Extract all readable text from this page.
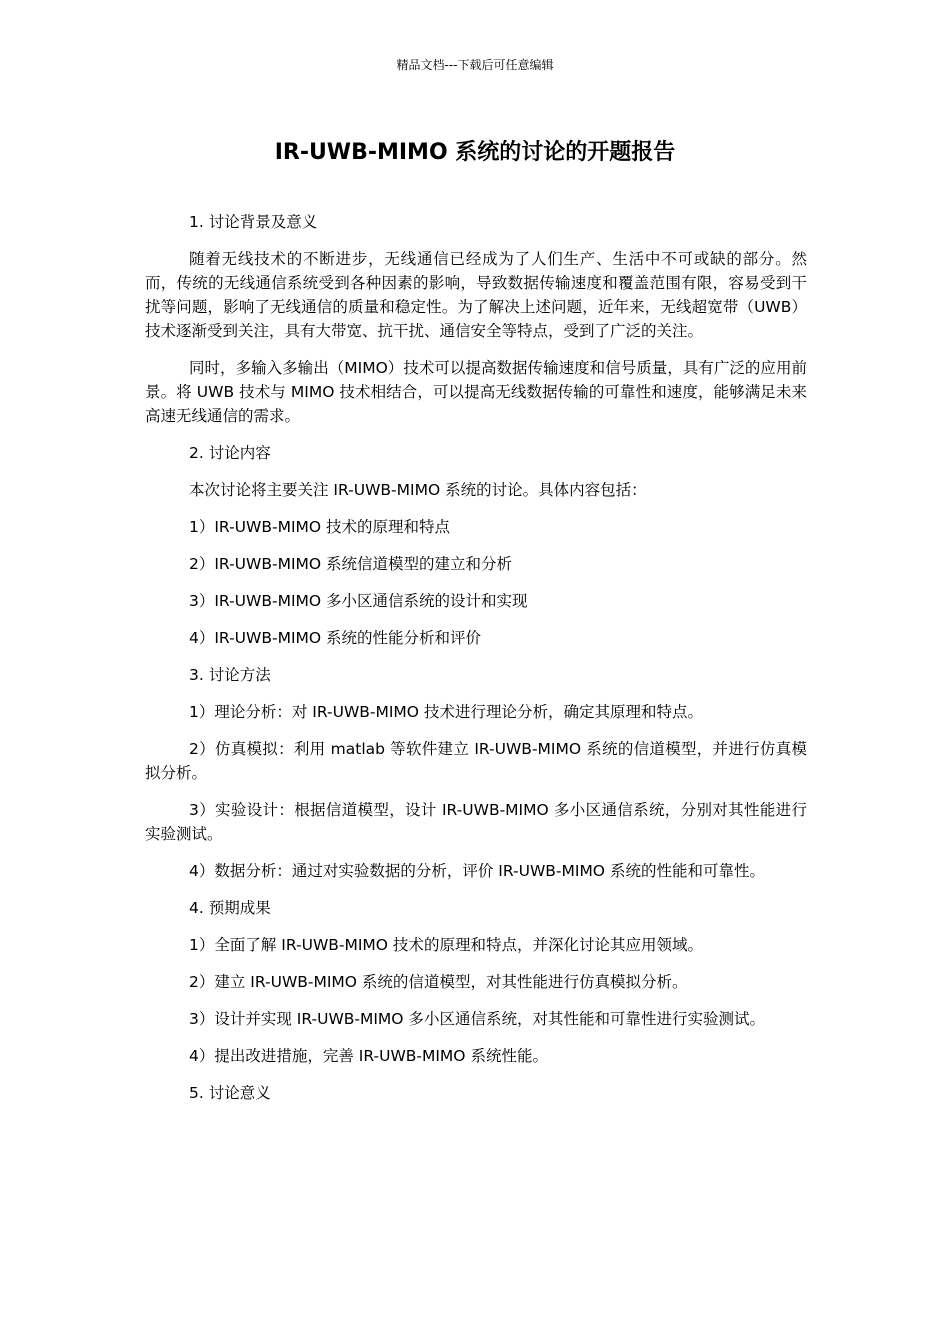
精品文档---下载后可任意编辑
IR-UWB-MIMO 系统的讨论的开题报告

1. 讨论背景及意义

随着无线技术的不断进步，无线通信已经成为了人们生产、生活中不可或缺的部分。然而，传统的无线通信系统受到各种因素的影响，导致数据传输速度和覆盖范围有限，容易受到干扰等问题，影响了无线通信的质量和稳定性。为了解决上述问题，近年来，无线超宽带（UWB）技术逐渐受到关注，具有大带宽、抗干扰、通信安全等特点，受到了广泛的关注。

同时，多输入多输出（MIMO）技术可以提高数据传输速度和信号质量，具有广泛的应用前景。将 UWB 技术与 MIMO 技术相结合，可以提高无线数据传输的可靠性和速度，能够满足未来高速无线通信的需求。

2. 讨论内容

本次讨论将主要关注 IR-UWB-MIMO 系统的讨论。具体内容包括：

1）IR-UWB-MIMO 技术的原理和特点

2）IR-UWB-MIMO 系统信道模型的建立和分析

3）IR-UWB-MIMO 多小区通信系统的设计和实现

4）IR-UWB-MIMO 系统的性能分析和评价

3. 讨论方法

1）理论分析：对 IR-UWB-MIMO 技术进行理论分析，确定其原理和特点。

2）仿真模拟：利用 matlab 等软件建立 IR-UWB-MIMO 系统的信道模型，并进行仿真模拟分析。

3）实验设计：根据信道模型，设计 IR-UWB-MIMO 多小区通信系统，分别对其性能进行实验测试。

4）数据分析：通过对实验数据的分析，评价 IR-UWB-MIMO 系统的性能和可靠性。

4. 预期成果

1）全面了解 IR-UWB-MIMO 技术的原理和特点，并深化讨论其应用领域。

2）建立 IR-UWB-MIMO 系统的信道模型，对其性能进行仿真模拟分析。

3）设计并实现 IR-UWB-MIMO 多小区通信系统，对其性能和可靠性进行实验测试。

4）提出改进措施，完善 IR-UWB-MIMO 系统性能。

5. 讨论意义
